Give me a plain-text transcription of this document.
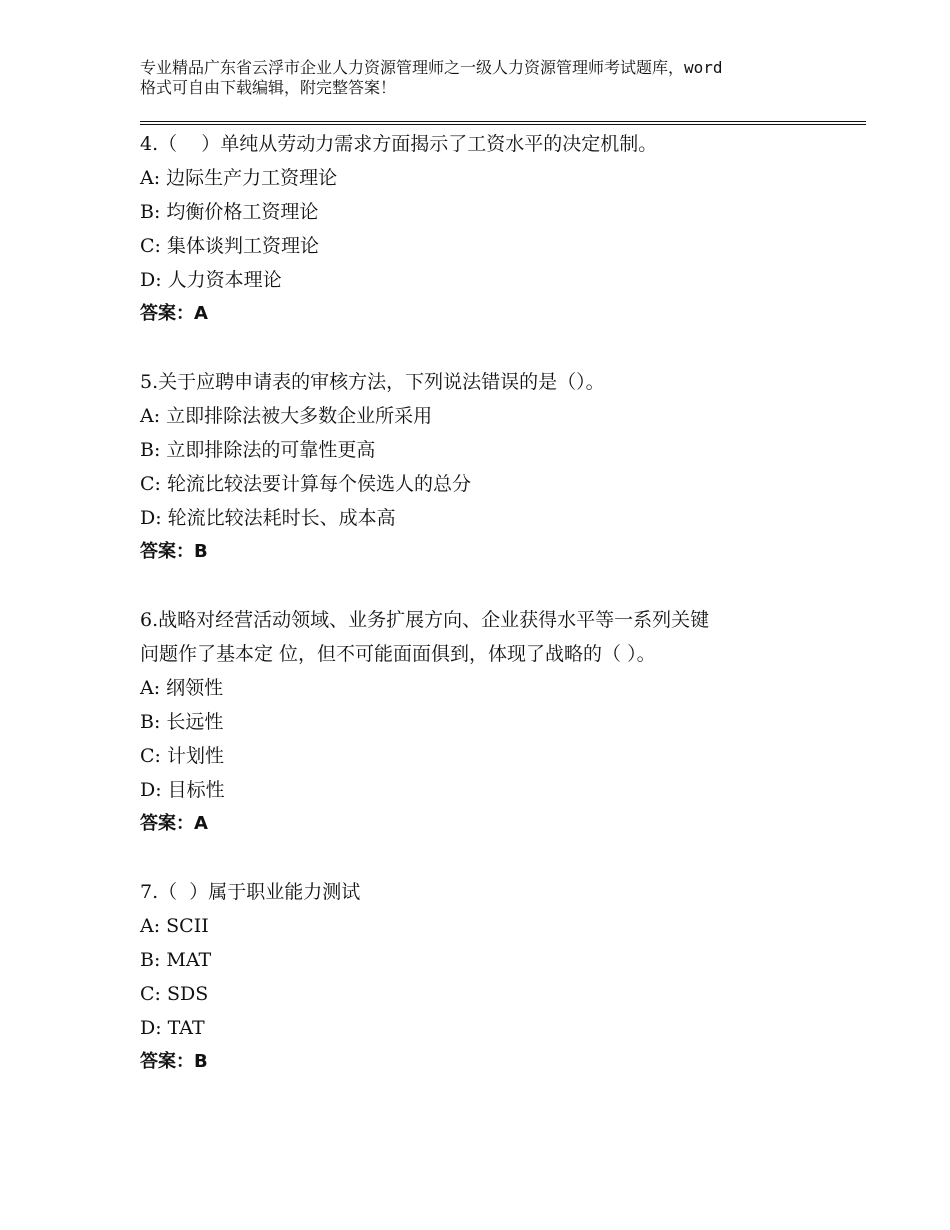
专业精品广东省云浮市企业人力资源管理师之一级人力资源管理师考试题库，word
格式可自由下载编辑，附完整答案！
4.（    ）单纯从劳动力需求方面揭示了工资水平的决定机制。
A: 边际生产力工资理论
B: 均衡价格工资理论
C: 集体谈判工资理论
D: 人力资本理论
答案：A
5.关于应聘申请表的审核方法，下列说法错误的是（）。
A: 立即排除法被大多数企业所采用
B: 立即排除法的可靠性更高
C: 轮流比较法要计算每个侯选人的总分
D: 轮流比较法耗时长、成本高
答案：B
6.战略对经营活动领域、业务扩展方向、企业获得水平等一系列关键
问题作了基本定 位，但不可能面面俱到，体现了战略的（ ）。
A: 纲领性
B: 长远性
C: 计划性
D: 目标性
答案：A
7.（  ）属于职业能力测试
A: SCII
B: MAT
C: SDS
D: TAT
答案：B
